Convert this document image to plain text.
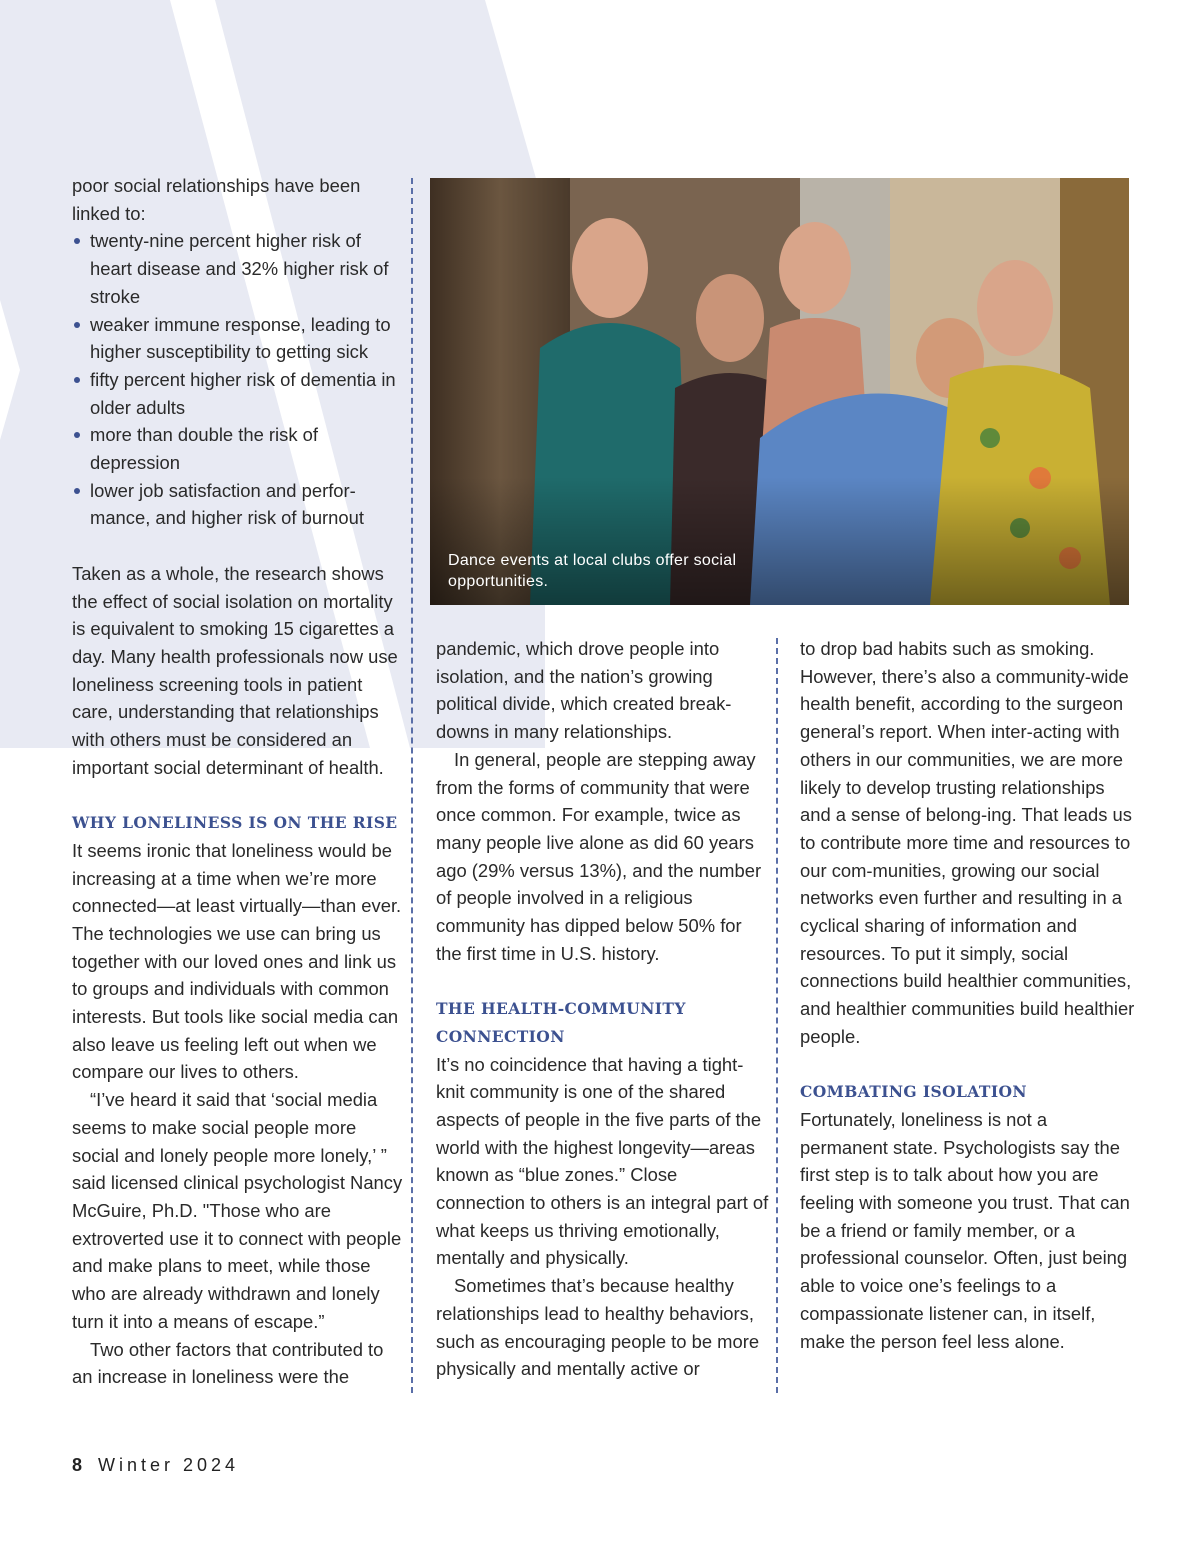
poor social relationships have been linked to:

twenty-nine percent higher risk of heart disease and 32% higher risk of stroke
weaker immune response, leading to higher susceptibility to getting sick
fifty percent higher risk of dementia in older adults
more than double the risk of depression
lower job satisfaction and perfor-mance, and higher risk of burnout

Taken as a whole, the research shows the effect of social isolation on mortality is equivalent to smoking 15 cigarettes a day. Many health professionals now use loneliness screening tools in patient care, understanding that relationships with others must be considered an important social determinant of health.

WHY LONELINESS IS ON THE RISE

It seems ironic that loneliness would be increasing at a time when we’re more connected—at least virtually—than ever. The technologies we use can bring us together with our loved ones and link us to groups and individuals with common interests. But tools like social media can also leave us feeling left out when we compare our lives to others.

“I’ve heard it said that ‘social media seems to make social people more social and lonely people more lonely,’ ” said licensed clinical psychologist Nancy McGuire, Ph.D. "Those who are extroverted use it to connect with people and make plans to meet, while those who are already withdrawn and lonely turn it into a means of escape.”

Two other factors that contributed to an increase in loneliness were the

Dance events at local clubs offer social opportunities.

pandemic, which drove people into isolation, and the nation’s growing political divide, which created break-downs in many relationships.

In general, people are stepping away from the forms of community that were once common. For example, twice as many people live alone as did 60 years ago (29% versus 13%), and the number of people involved in a religious community has dipped below 50% for the first time in U.S. history.

THE HEALTH-COMMUNITY CONNECTION

It’s no coincidence that having a tight-knit community is one of the shared aspects of people in the five parts of the world with the highest longevity—areas known as “blue zones.” Close connection to others is an integral part of what keeps us thriving emotionally, mentally and physically.

Sometimes that’s because healthy relationships lead to healthy behaviors, such as encouraging people to be more physically and mentally active or

to drop bad habits such as smoking. However, there’s also a community-wide health benefit, according to the surgeon general’s report. When inter-acting with others in our communities, we are more likely to develop trusting relationships and a sense of belong-ing. That leads us to contribute more time and resources to our com-munities, growing our social networks even further and resulting in a cyclical sharing of information and resources. To put it simply, social connections build healthier communities, and healthier communities build healthier people.

COMBATING ISOLATION

Fortunately, loneliness is not a permanent state. Psychologists say the first step is to talk about how you are feeling with someone you trust. That can be a friend or family member, or a professional counselor. Often, just being able to voice one’s feelings to a compassionate listener can, in itself, make the person feel less alone.

8 Winter 2024
